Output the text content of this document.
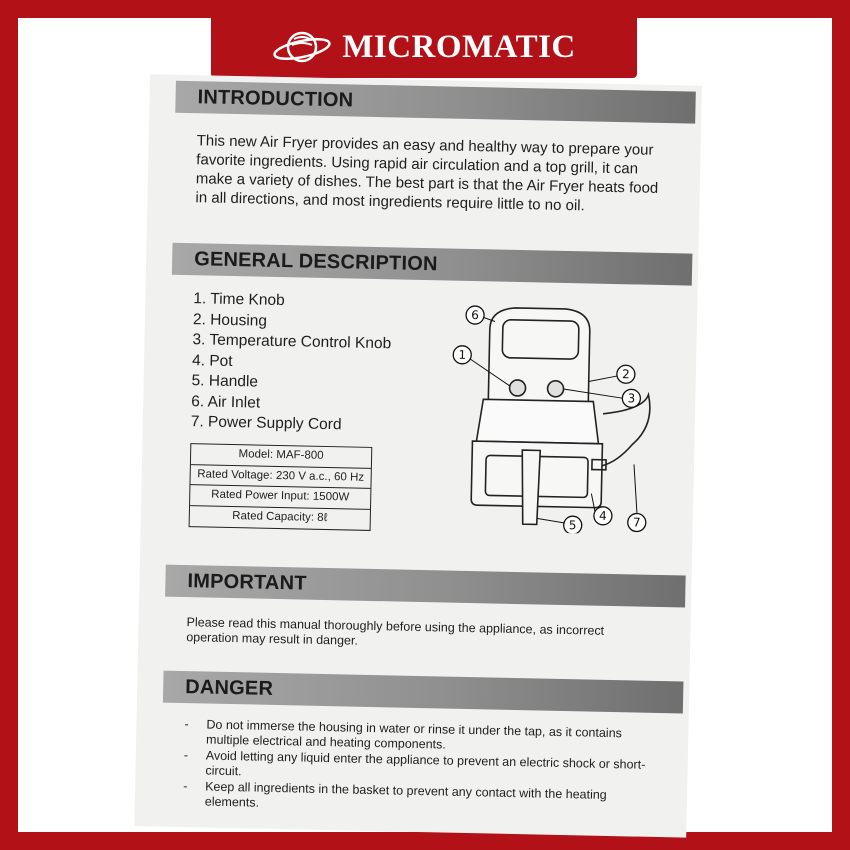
MICROMATIC
INTRODUCTION

This new Air Fryer provides an easy and healthy way to prepare your favorite ingredients. Using rapid air circulation and a top grill, it can make a variety of dishes. The best part is that the Air Fryer heats food in all directions, and most ingredients require little to no oil.

GENERAL DESCRIPTION
1. Time Knob
2. Housing
3. Temperature Control Knob
4. Pot
5. Handle
6. Air Inlet
7. Power Supply Cord
Model: MAF-800
Rated Voltage: 230 V a.c., 60 Hz
Rated Power Input: 1500W
Rated Capacity: 8ℓ
1
2
3
4
5
6
7
IMPORTANT

Please read this manual thoroughly before using the appliance, as incorrect operation may result in danger.

DANGER
- Do not immerse the housing in water or rinse it under the tap, as it contains multiple electrical and heating components.
- Avoid letting any liquid enter the appliance to prevent an electric shock or short-circuit.
- Keep all ingredients in the basket to prevent any contact with the heating elements.
